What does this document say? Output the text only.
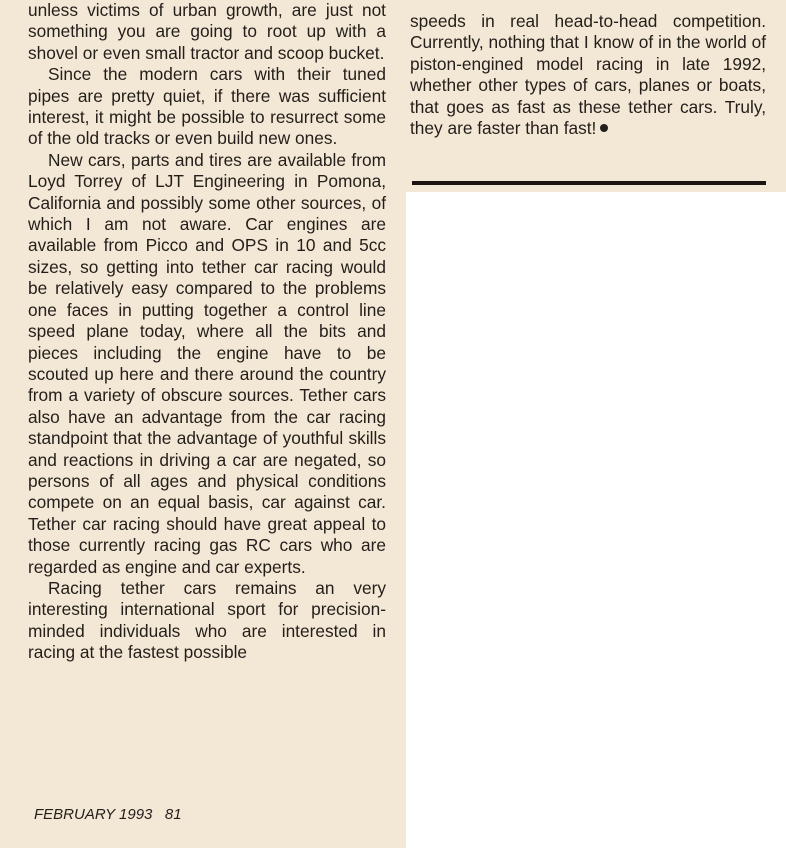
unless victims of urban growth, are just not something you are going to root up with a shovel or even small tractor and scoop bucket.

Since the modern cars with their tuned pipes are pretty quiet, if there was sufficient interest, it might be possible to resurrect some of the old tracks or even build new ones.

New cars, parts and tires are available from Loyd Torrey of LJT Engineering in Pomona, California and possibly some other sources, of which I am not aware. Car engines are available from Picco and OPS in 10 and 5cc sizes, so getting into tether car racing would be relatively easy compared to the problems one faces in putting together a control line speed plane today, where all the bits and pieces including the engine have to be scouted up here and there around the country from a variety of obscure sources. Tether cars also have an advantage from the car racing standpoint that the advantage of youthful skills and reactions in driving a car are negated, so persons of all ages and physical conditions compete on an equal basis, car against car. Tether car racing should have great appeal to those currently racing gas RC cars who are regarded as engine and car experts.

Racing tether cars remains an very interesting international sport for precision-minded individuals who are interested in racing at the fastest possible

speeds in real head-to-head competition. Currently, nothing that I know of in the world of piston-engined model racing in late 1992, whether other types of cars, planes or boats, that goes as fast as these tether cars. Truly, they are faster than fast!

FEBRUARY 1993 81
